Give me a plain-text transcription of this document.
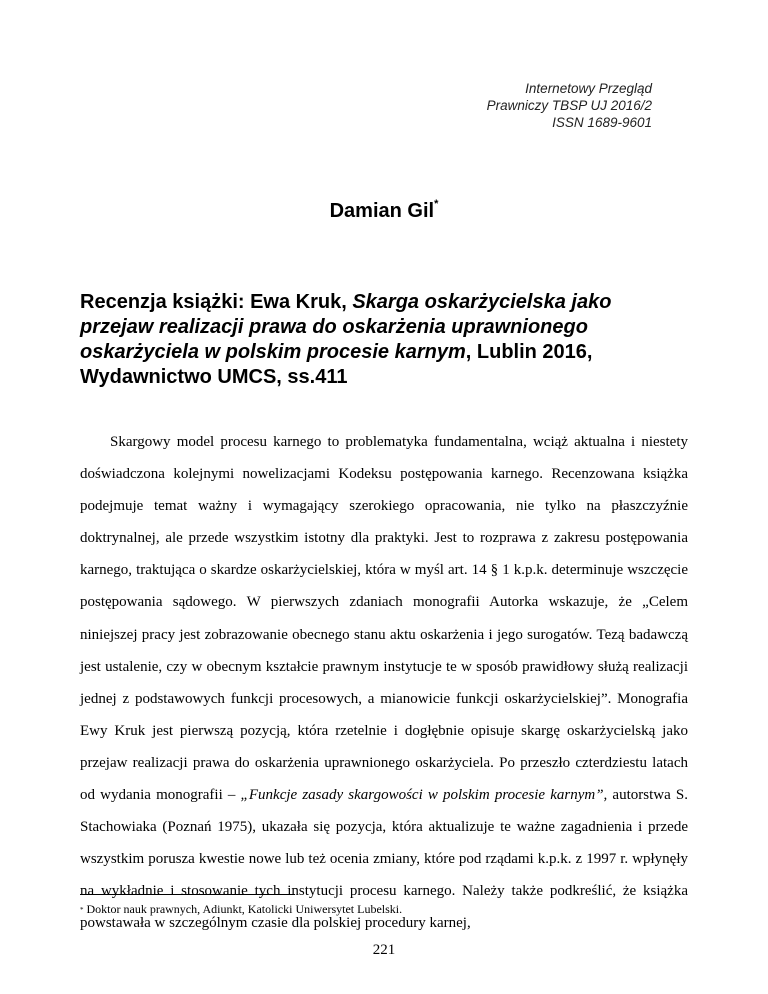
Internetowy Przegląd
Prawniczy TBSP UJ 2016/2
ISSN 1689-9601
Damian Gil*
Recenzja książki: Ewa Kruk, Skarga oskarżycielska jako przejaw realizacji prawa do oskarżenia uprawnionego oskarżyciela w polskim procesie karnym, Lublin 2016, Wydawnictwo UMCS, ss.411

Skargowy model procesu karnego to problematyka fundamentalna, wciąż aktualna i niestety doświadczona kolejnymi nowelizacjami Kodeksu postępowania karnego. Recenzowana książka podejmuje temat ważny i wymagający szerokiego opracowania, nie tylko na płaszczyźnie doktrynalnej, ale przede wszystkim istotny dla praktyki. Jest to rozprawa z zakresu postępowania karnego, traktująca o skardze oskarżycielskiej, która w myśl art. 14 § 1 k.p.k. determinuje wszczęcie postępowania sądowego. W pierwszych zdaniach monografii Autorka wskazuje, że „Celem niniejszej pracy jest zobrazowanie obecnego stanu aktu oskarżenia i jego surogatów. Tezą badawczą jest ustalenie, czy w obecnym kształcie prawnym instytucje te w sposób prawidłowy służą realizacji jednej z podstawowych funkcji procesowych, a mianowicie funkcji oskarżycielskiej”. Monografia Ewy Kruk jest pierwszą pozycją, która rzetelnie i dogłębnie opisuje skargę oskarżycielską jako przejaw realizacji prawa do oskarżenia uprawnionego oskarżyciela. Po przeszło czterdziestu latach od wydania monografii – „Funkcje zasady skargowości w polskim procesie karnym”, autorstwa S. Stachowiaka (Poznań 1975), ukazała się pozycja, która aktualizuje te ważne zagadnienia i przede wszystkim porusza kwestie nowe lub też ocenia zmiany, które pod rządami k.p.k. z 1997 r. wpłynęły na wykładnie i stosowanie tych instytucji procesu karnego. Należy także podkreślić, że książka powstawała w szczególnym czasie dla polskiej procedury karnej,

* Doktor nauk prawnych, Adiunkt, Katolicki Uniwersytet Lubelski.
221
